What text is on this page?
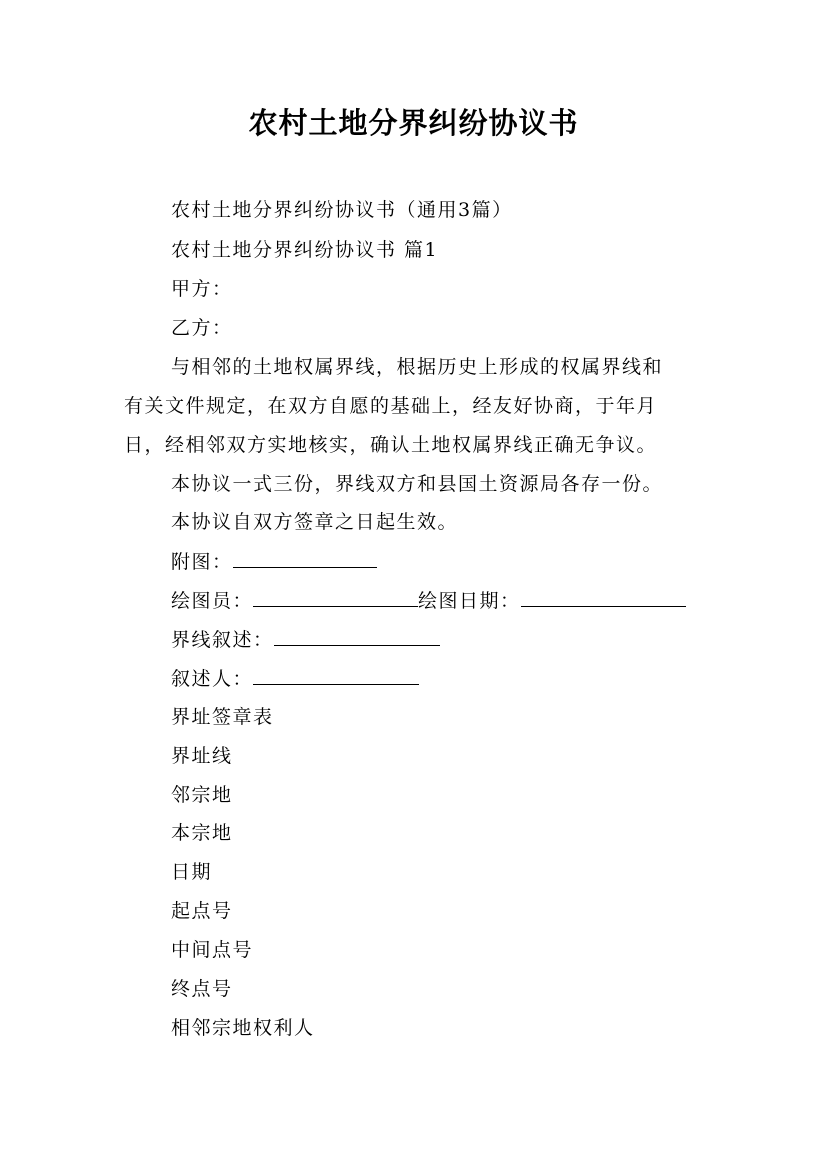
农村土地分界纠纷协议书

农村土地分界纠纷协议书（通用3篇）

农村土地分界纠纷协议书 篇1

甲方：

乙方：

与相邻的土地权属界线，根据历史上形成的权属界线和

有关文件规定，在双方自愿的基础上，经友好协商，于年月

日，经相邻双方实地核实，确认土地权属界线正确无争议。

本协议一式三份，界线双方和县国土资源局各存一份。

本协议自双方签章之日起生效。

附图：

绘图员：	绘图日期：

界线叙述：

叙述人：

界址签章表

界址线

邻宗地

本宗地

日期

起点号

中间点号

终点号

相邻宗地权利人
